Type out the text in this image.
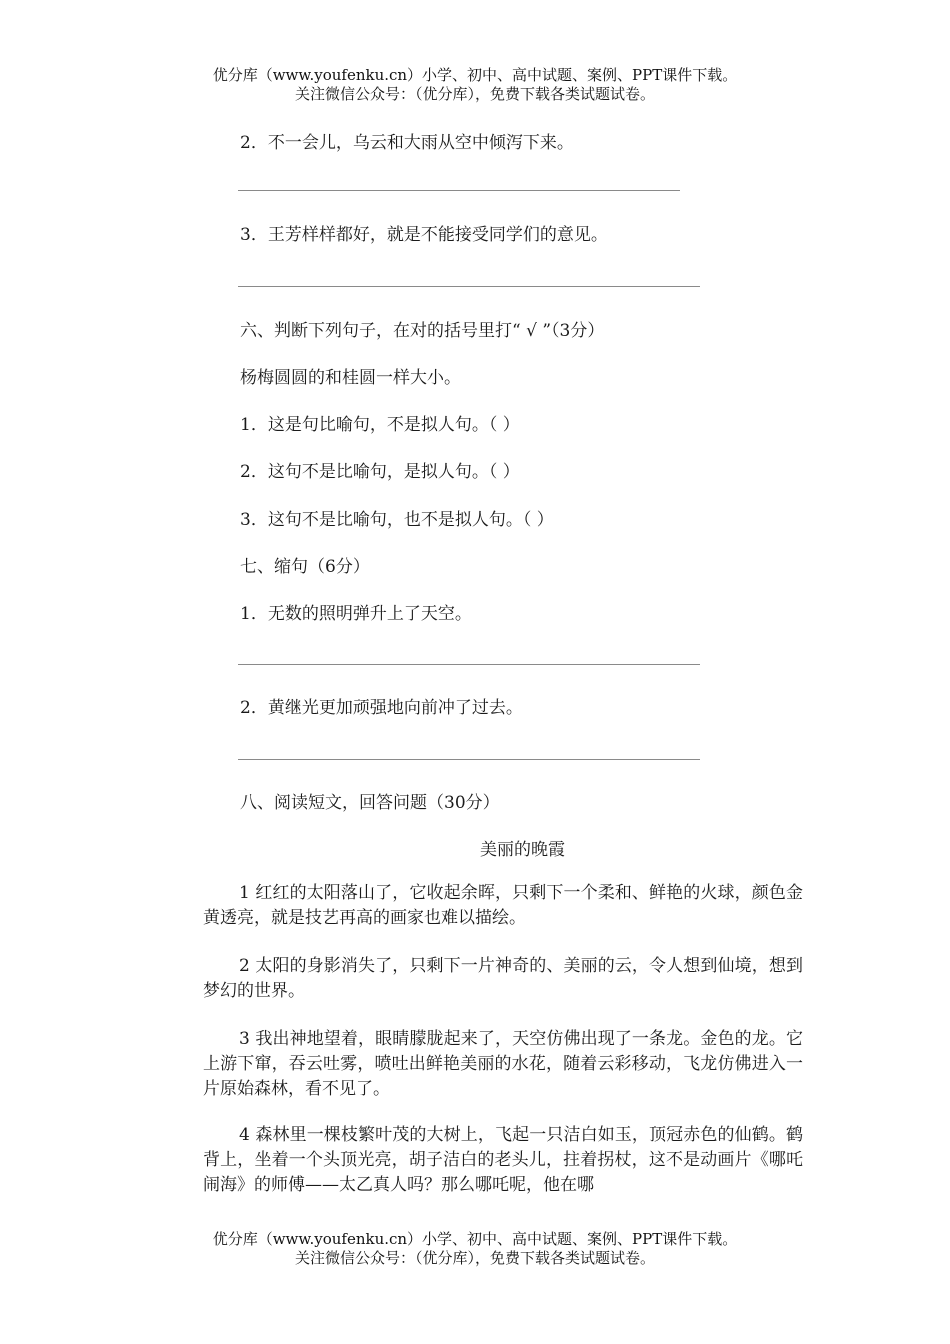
优分库（www.youfenku.cn）小学、初中、高中试题、案例、PPT课件下载。
关注微信公众号：（优分库），免费下载各类试题试卷。
2．不一会儿，乌云和大雨从空中倾泻下来。
3．王芳样样都好，就是不能接受同学们的意见。
六、判断下列句子，在对的括号里打“ √ ”（3分）
杨梅圆圆的和桂圆一样大小。
1．这是句比喻句，不是拟人句。（ ）
2．这句不是比喻句，是拟人句。（ ）
3．这句不是比喻句，也不是拟人句。（ ）
七、缩句（6分）
1．无数的照明弹升上了天空。
2．黄继光更加顽强地向前冲了过去。
八、阅读短文，回答问题（30分）
美丽的晚霞
1 红红的太阳落山了，它收起余晖，只剩下一个柔和、鲜艳的火球，颜色金黄透亮，就是技艺再高的画家也难以描绘。
2 太阳的身影消失了，只剩下一片神奇的、美丽的云，令人想到仙境，想到梦幻的世界。
3 我出神地望着，眼睛朦胧起来了，天空仿佛出现了一条龙。金色的龙。它上游下窜，吞云吐雾，喷吐出鲜艳美丽的水花，随着云彩移动，飞龙仿佛进入一片原始森林，看不见了。
4 森林里一棵枝繁叶茂的大树上，飞起一只洁白如玉，顶冠赤色的仙鹤。鹤背上，坐着一个头顶光亮，胡子洁白的老头儿，拄着拐杖，这不是动画片《哪吒闹海》的师傅——太乙真人吗？那么哪吒呢，他在哪
优分库（www.youfenku.cn）小学、初中、高中试题、案例、PPT课件下载。
关注微信公众号：（优分库），免费下载各类试题试卷。
